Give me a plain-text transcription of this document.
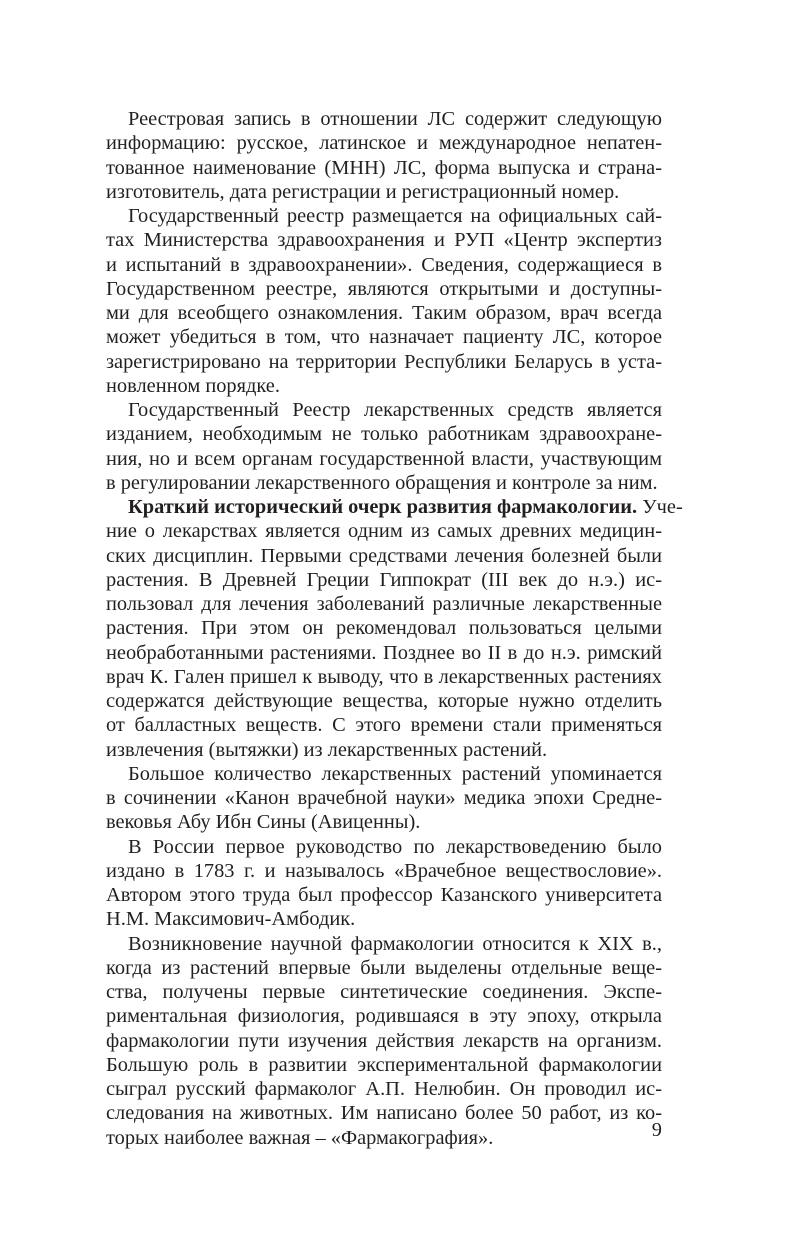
Реестровая запись в отношении ЛС содержит следующую
информацию: русское, латинское и международное непатен-
тованное наименование (МНН) ЛС, форма выпуска и страна-
изготовитель, дата регистрации и регистрационный номер.
Государственный реестр размещается на официальных сай-
тах Министерства здравоохранения и РУП «Центр экспертиз
и испытаний в здравоохранении». Сведения, содержащиеся в
Государственном реестре, являются открытыми и доступны-
ми для всеобщего ознакомления. Таким образом, врач всегда
может убедиться в том, что назначает пациенту ЛС, которое
зарегистрировано на территории Республики Беларусь в уста-
новленном порядке.
Государственный Реестр лекарственных средств является
изданием, необходимым не только работникам здравоохране-
ния, но и всем органам государственной власти, участвующим
в регулировании лекарственного обращения и контроле за ним.
Краткий исторический очерк развития фармакологии. Уче-
ние о лекарствах является одним из самых древних медицин-
ских дисциплин. Первыми средствами лечения болезней были
растения. В Древней Греции Гиппократ (III век до н.э.) ис-
пользовал для лечения заболеваний различные лекарственные
растения. При этом он рекомендовал пользоваться целыми
необработанными растениями. Позднее во II в до н.э. римский
врач К. Гален пришел к выводу, что в лекарственных растениях
содержатся действующие вещества, которые нужно отделить
от балластных веществ. С этого времени стали применяться
извлечения (вытяжки) из лекарственных растений.
Большое количество лекарственных растений упоминается
в сочинении «Канон врачебной науки» медика эпохи Средне-
вековья Абу Ибн Сины (Авиценны).
В России первое руководство по лекарствоведению было
издано в 1783 г. и называлось «Врачебное веществословие».
Автором этого труда был профессор Казанского университета
Н.М. Максимович-Амбодик.
Возникновение научной фармакологии относится к XIX в.,
когда из растений впервые были выделены отдельные веще-
ства, получены первые синтетические соединения. Экспе-
риментальная физиология, родившаяся в эту эпоху, открыла
фармакологии пути изучения действия лекарств на организм.
Большую роль в развитии экспериментальной фармакологии
сыграл русский фармаколог А.П. Нелюбин. Он проводил ис-
следования на животных. Им написано более 50 работ, из ко-
торых наиболее важная – «Фармакография».	9
